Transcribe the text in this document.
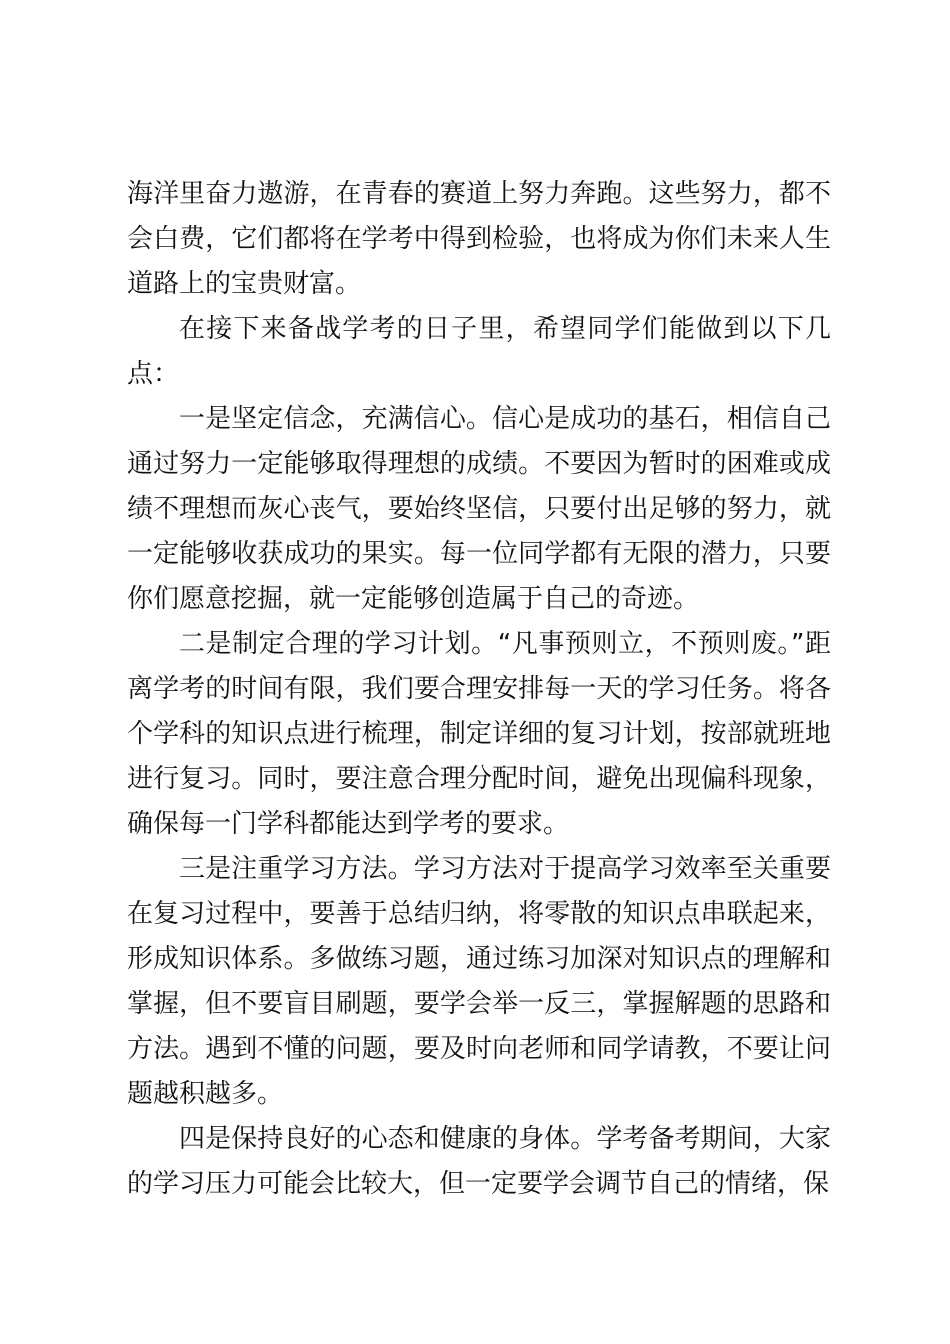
海洋里奋力遨游，在青春的赛道上努力奔跑。这些努力，都不会白费，它们都将在学考中得到检验，也将成为你们未来人生道路上的宝贵财富。

在接下来备战学考的日子里，希望同学们能做到以下几点：

一是坚定信念，充满信心。信心是成功的基石，相信自己通过努力一定能够取得理想的成绩。不要因为暂时的困难或成绩不理想而灰心丧气，要始终坚信，只要付出足够的努力，就一定能够收获成功的果实。每一位同学都有无限的潜力，只要你们愿意挖掘，就一定能够创造属于自己的奇迹。

二是制定合理的学习计划。“凡事预则立，不预则废。”距离学考的时间有限，我们要合理安排每一天的学习任务。将各个学科的知识点进行梳理，制定详细的复习计划，按部就班地进行复习。同时，要注意合理分配时间，避免出现偏科现象，确保每一门学科都能达到学考的要求。

三是注重学习方法。学习方法对于提高学习效率至关重要在复习过程中，要善于总结归纳，将零散的知识点串联起来，形成知识体系。多做练习题，通过练习加深对知识点的理解和掌握，但不要盲目刷题，要学会举一反三，掌握解题的思路和方法。遇到不懂的问题，要及时向老师和同学请教，不要让问题越积越多。

四是保持良好的心态和健康的身体。学考备考期间，大家的学习压力可能会比较大，但一定要学会调节自己的情绪，保
